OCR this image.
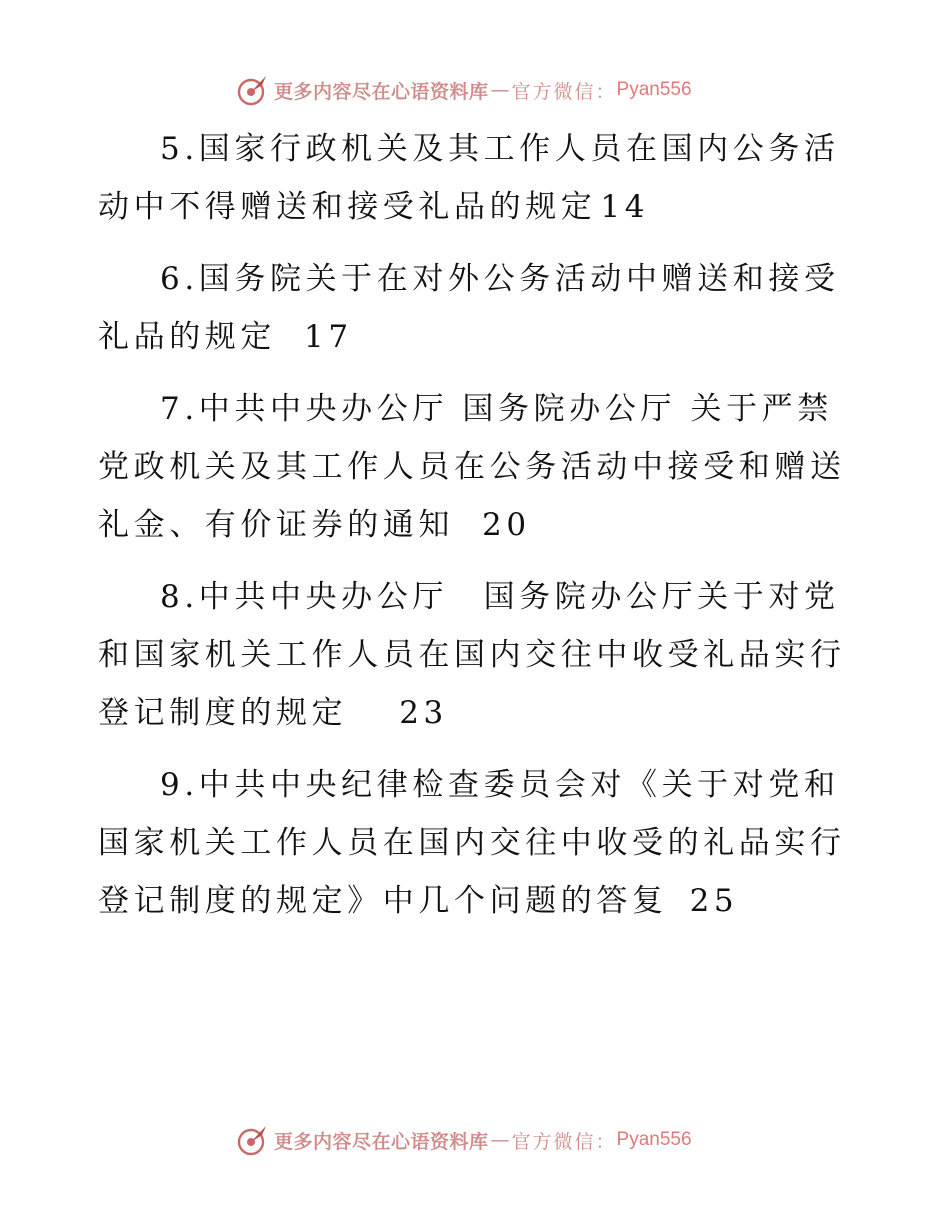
更多内容尽在心语资料库 — 官方微信： Pyan556

5.国家行政机关及其工作人员在国内公务活动中不得赠送和接受礼品的规定 14

6.国务院关于在对外公务活动中赠送和接受礼品的规定 17

7.中共中央办公厅 国务院办公厅 关于严禁党政机关及其工作人员在公务活动中接受和赠送礼金、有价证券的通知 20

8.中共中央办公厅　国务院办公厅关于对党和国家机关工作人员在国内交往中收受礼品实行登记制度的规定 23

9.中共中央纪律检查委员会对《关于对党和国家机关工作人员在国内交往中收受的礼品实行登记制度的规定》中几个问题的答复 25

更多内容尽在心语资料库 — 官方微信： Pyan556
